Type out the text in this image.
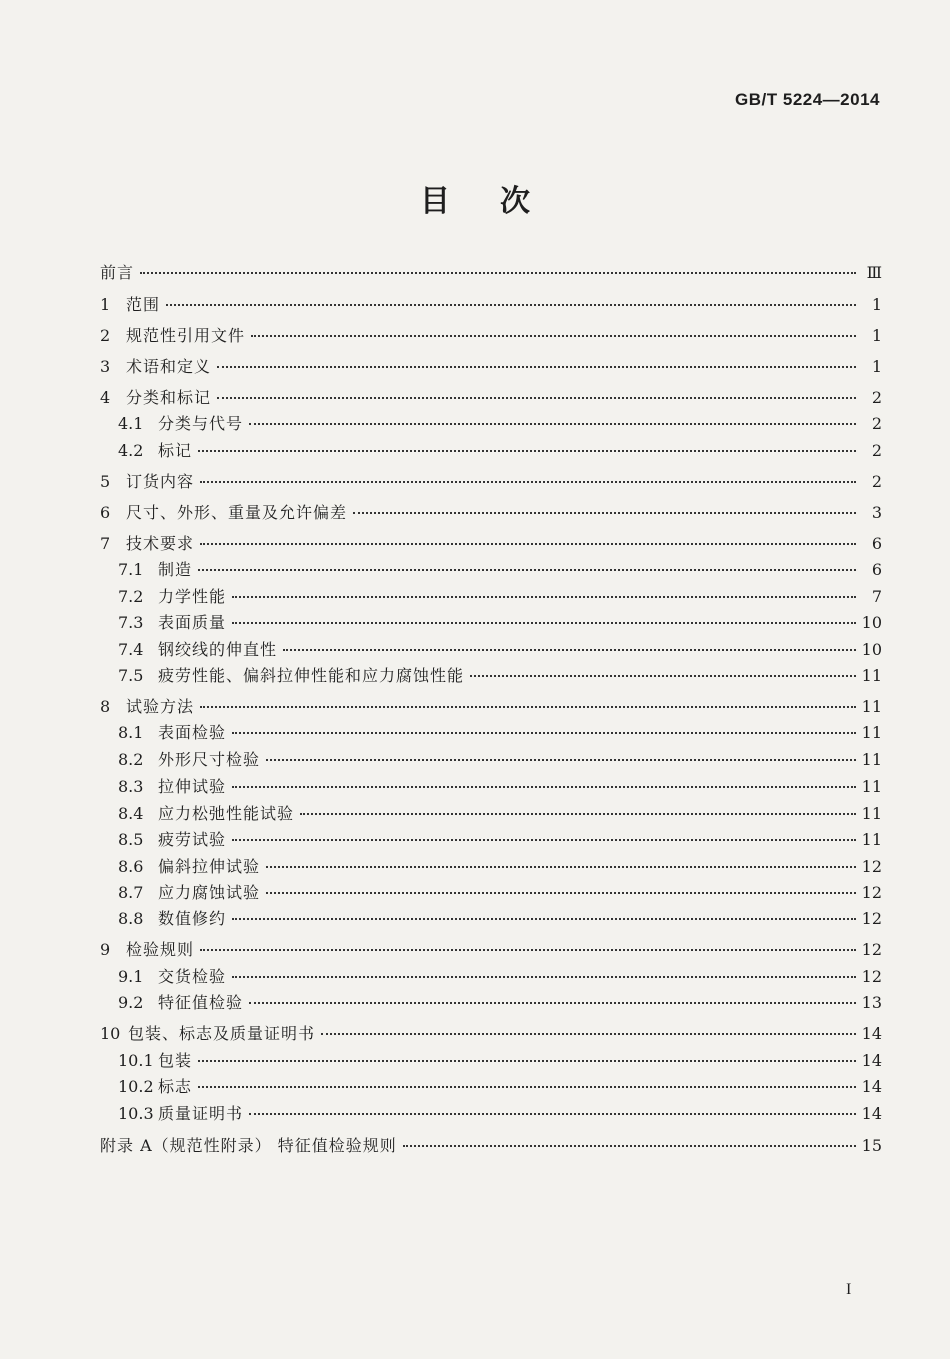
GB/T 5224—2014
目次
前言	Ⅲ
1 范围	1
2 规范性引用文件	1
3 术语和定义	1
4 分类和标记	2
4.1 分类与代号	2
4.2 标记	2
5 订货内容	2
6 尺寸、外形、重量及允许偏差	3
7 技术要求	6
7.1 制造	6
7.2 力学性能	7
7.3 表面质量	10
7.4 钢绞线的伸直性	10
7.5 疲劳性能、偏斜拉伸性能和应力腐蚀性能	11
8 试验方法	11
8.1 表面检验	11
8.2 外形尺寸检验	11
8.3 拉伸试验	11
8.4 应力松弛性能试验	11
8.5 疲劳试验	11
8.6 偏斜拉伸试验	12
8.7 应力腐蚀试验	12
8.8 数值修约	12
9 检验规则	12
9.1 交货检验	12
9.2 特征值检验	13
10 包装、标志及质量证明书	14
10.1 包装	14
10.2 标志	14
10.3 质量证明书	14
附录 A（规范性附录） 特征值检验规则	15
I
